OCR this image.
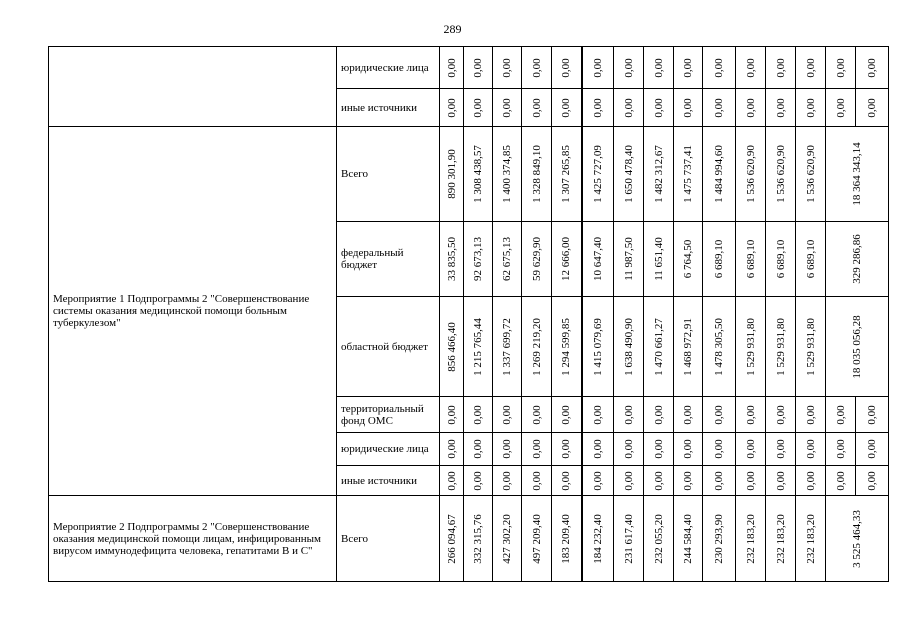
289
	юридические лица	0,00	0,00	0,00	0,00	0,00	0,00	0,00	0,00	0,00	0,00	0,00	0,00	0,00	0,00	0,00

	иные источники	0,00	0,00	0,00	0,00	0,00	0,00	0,00	0,00	0,00	0,00	0,00	0,00	0,00	0,00	0,00

Мероприятие 1 Подпрограммы 2 "Совершенствование системы оказания медицинской помощи больным туберкулезом"	Всего	890 301,90	1 308 438,57	1 400 374,85	1 328 849,10	1 307 265,85	1 425 727,09	1 650 478,40	1 482 312,67	1 475 737,41	1 484 994,60	1 536 620,90	1 536 620,90	1 536 620,90	18 364 343,14	

	федеральный бюджет	33 835,50	92 673,13	62 675,13	59 629,90	12 666,00	10 647,40	11 987,50	11 651,40	6 764,50	6 689,10	6 689,10	6 689,10	6 689,10	329 286,86	

	областной бюджет	856 466,40	1 215 765,44	1 337 699,72	1 269 219,20	1 294 599,85	1 415 079,69	1 638 490,90	1 470 661,27	1 468 972,91	1 478 305,50	1 529 931,80	1 529 931,80	1 529 931,80	18 035 056,28	

	территориальный фонд ОМС	0,00	0,00	0,00	0,00	0,00	0,00	0,00	0,00	0,00	0,00	0,00	0,00	0,00	0,00	0,00

	юридические лица	0,00	0,00	0,00	0,00	0,00	0,00	0,00	0,00	0,00	0,00	0,00	0,00	0,00	0,00	0,00

	иные источники	0,00	0,00	0,00	0,00	0,00	0,00	0,00	0,00	0,00	0,00	0,00	0,00	0,00	0,00	0,00

Мероприятие 2 Подпрограммы 2 "Совершенствование оказания медицинской помощи лицам, инфицированным вирусом иммунодефицита человека, гепатитами В и С"	Всего	266 094,67	332 315,76	427 302,20	497 209,40	183 209,40	184 232,40	231 617,40	232 055,20	244 584,40	230 293,90	232 183,20	232 183,20	232 183,20	3 525 464,33	
